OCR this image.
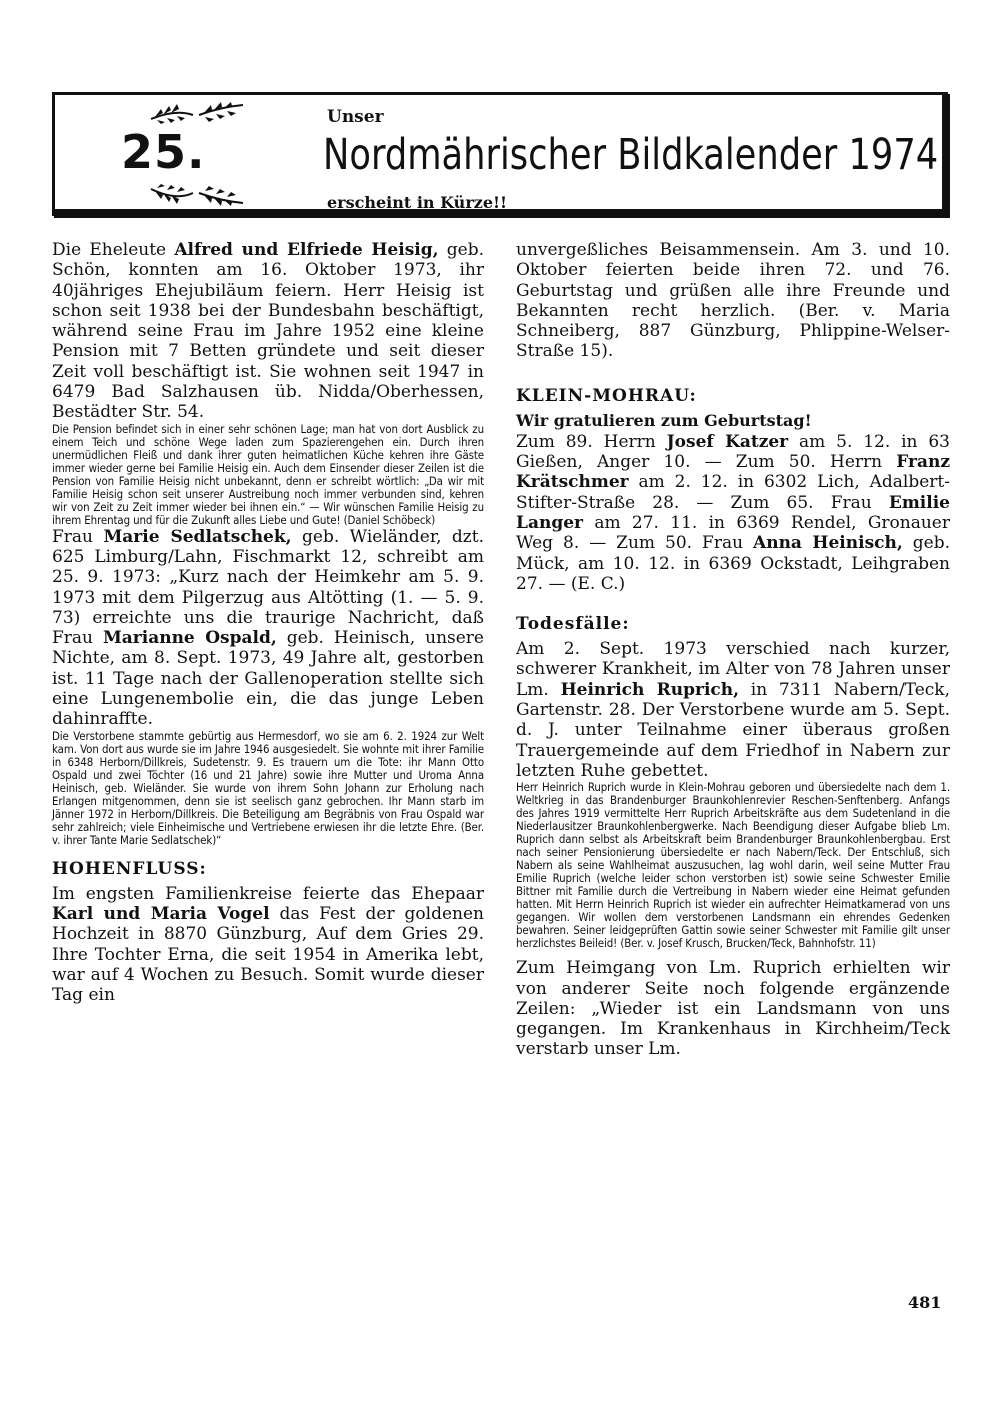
25.
Unser
Nordmährischer Bildkalender 1974
erscheint in Kürze!!

Die Eheleute Alfred und Elfriede Heisig, geb. Schön, konnten am 16. Oktober 1973, ihr 40jähriges Ehejubiläum feiern. Herr Heisig ist schon seit 1938 bei der Bundesbahn beschäftigt, während seine Frau im Jahre 1952 eine kleine Pension mit 7 Betten gründete und seit dieser Zeit voll beschäftigt ist. Sie wohnen seit 1947 in 6479 Bad Salzhausen üb. Nidda/Oberhessen, Bestädter Str. 54.

Die Pension befindet sich in einer sehr schönen Lage; man hat von dort Ausblick zu einem Teich und schöne Wege laden zum Spazierengehen ein. Durch ihren unermüdlichen Fleiß und dank ihrer guten heimatlichen Küche kehren ihre Gäste immer wieder gerne bei Familie Heisig ein. Auch dem Einsender dieser Zeilen ist die Pension von Familie Heisig nicht unbekannt, denn er schreibt wörtlich: „Da wir mit Familie Heisig schon seit unserer Austreibung noch immer verbunden sind, kehren wir von Zeit zu Zeit immer wieder bei ihnen ein.“ — Wir wünschen Familie Heisig zu ihrem Ehrentag und für die Zukunft alles Liebe und Gute! (Daniel Schöbeck)

Frau Marie Sedlatschek, geb. Wieländer, dzt. 625 Limburg/Lahn, Fischmarkt 12, schreibt am 25. 9. 1973: „Kurz nach der Heimkehr am 5. 9. 1973 mit dem Pilgerzug aus Altötting (1. — 5. 9. 73) erreichte uns die traurige Nachricht, daß Frau Marianne Ospald, geb. Heinisch, unsere Nichte, am 8. Sept. 1973, 49 Jahre alt, gestorben ist. 11 Tage nach der Gallenoperation stellte sich eine Lungenembolie ein, die das junge Leben dahinraffte.

Die Verstorbene stammte gebürtig aus Hermesdorf, wo sie am 6. 2. 1924 zur Welt kam. Von dort aus wurde sie im Jahre 1946 ausgesiedelt. Sie wohnte mit ihrer Familie in 6348 Herborn/Dillkreis, Sudetenstr. 9. Es trauern um die Tote: ihr Mann Otto Ospald und zwei Töchter (16 und 21 Jahre) sowie ihre Mutter und Uroma Anna Heinisch, geb. Wieländer. Sie wurde von ihrem Sohn Johann zur Erholung nach Erlangen mitgenommen, denn sie ist seelisch ganz gebrochen. Ihr Mann starb im Jänner 1972 in Herborn/Dillkreis. Die Beteiligung am Begräbnis von Frau Ospald war sehr zahlreich; viele Einheimische und Vertriebene erwiesen ihr die letzte Ehre. (Ber. v. ihrer Tante Marie Sedlatschek)“

HOHENFLUSS:

Im engsten Familienkreise feierte das Ehepaar Karl und Maria Vogel das Fest der goldenen Hochzeit in 8870 Günzburg, Auf dem Gries 29. Ihre Tochter Erna, die seit 1954 in Amerika lebt, war auf 4 Wochen zu Besuch. Somit wurde dieser Tag ein

unvergeßliches Beisammensein. Am 3. und 10. Oktober feierten beide ihren 72. und 76. Geburtstag und grüßen alle ihre Freunde und Bekannten recht herzlich. (Ber. v. Maria Schneiberg, 887 Günzburg, Phlippine-Welser-Straße 15).

KLEIN-MOHRAU:
Wir gratulieren zum Geburtstag!

Zum 89. Herrn Josef Katzer am 5. 12. in 63 Gießen, Anger 10. — Zum 50. Herrn Franz Krätschmer am 2. 12. in 6302 Lich, Adalbert-Stifter-Straße 28. — Zum 65. Frau Emilie Langer am 27. 11. in 6369 Rendel, Gronauer Weg 8. — Zum 50. Frau Anna Heinisch, geb. Mück, am 10. 12. in 6369 Ockstadt, Leihgraben 27. — (E. C.)

Todesfälle:

Am 2. Sept. 1973 verschied nach kurzer, schwerer Krankheit, im Alter von 78 Jahren unser Lm. Heinrich Ruprich, in 7311 Nabern/Teck, Gartenstr. 28. Der Verstorbene wurde am 5. Sept. d. J. unter Teilnahme einer überaus großen Trauergemeinde auf dem Friedhof in Nabern zur letzten Ruhe gebettet.

Herr Heinrich Ruprich wurde in Klein-Mohrau geboren und übersiedelte nach dem 1. Weltkrieg in das Brandenburger Braunkohlenrevier Reschen-Senftenberg. Anfangs des Jahres 1919 vermittelte Herr Ruprich Arbeitskräfte aus dem Sudetenland in die Niederlausitzer Braunkohlenbergwerke. Nach Beendigung dieser Aufgabe blieb Lm. Ruprich dann selbst als Arbeitskraft beim Brandenburger Braunkohlenbergbau. Erst nach seiner Pensionierung übersiedelte er nach Nabern/Teck. Der Entschluß, sich Nabern als seine Wahlheimat auszusuchen, lag wohl darin, weil seine Mutter Frau Emilie Ruprich (welche leider schon verstorben ist) sowie seine Schwester Emilie Bittner mit Familie durch die Vertreibung in Nabern wieder eine Heimat gefunden hatten. Mit Herrn Heinrich Ruprich ist wieder ein aufrechter Heimatkamerad von uns gegangen. Wir wollen dem verstorbenen Landsmann ein ehrendes Gedenken bewahren. Seiner leidgeprüften Gattin sowie seiner Schwester mit Familie gilt unser herzlichstes Beileid! (Ber. v. Josef Krusch, Brucken/Teck, Bahnhofstr. 11)

Zum Heimgang von Lm. Ruprich erhielten wir von anderer Seite noch folgende ergänzende Zeilen: „Wieder ist ein Landsmann von uns gegangen. Im Krankenhaus in Kirchheim/Teck verstarb unser Lm.

481
